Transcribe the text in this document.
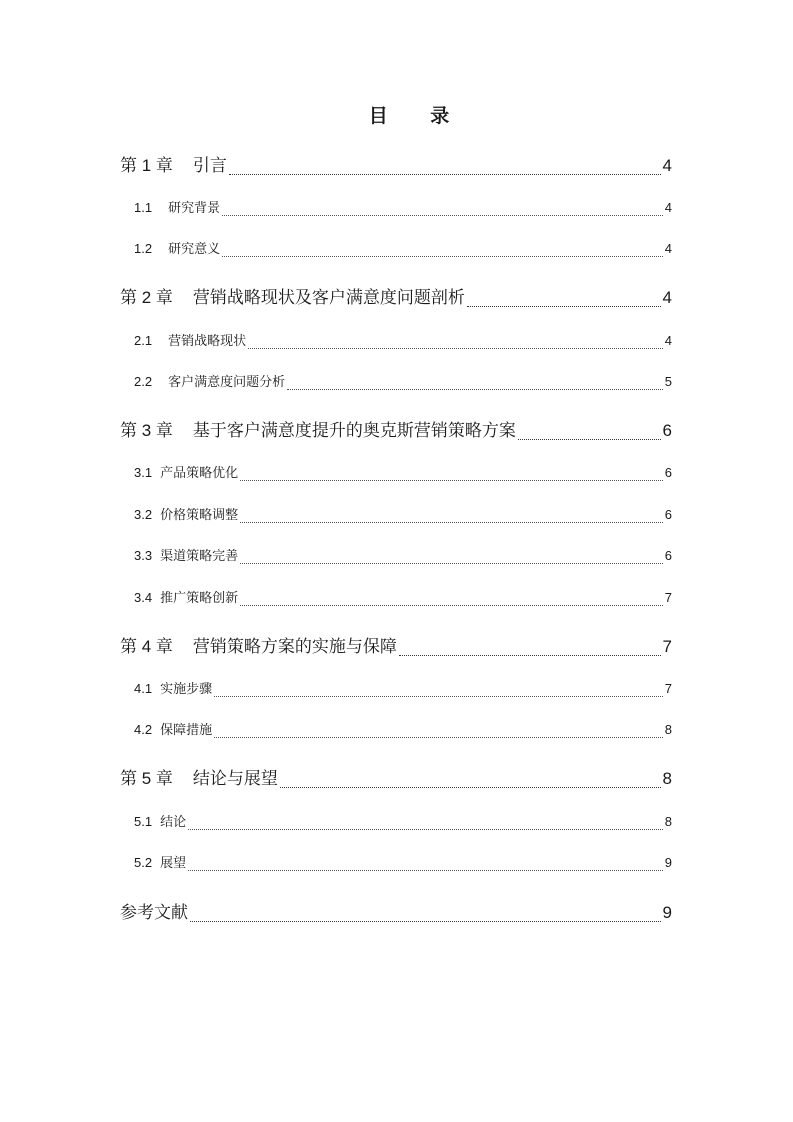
目 录
第 1 章 引言	4
1.1 研究背景	4
1.2 研究意义	4
第 2 章 营销战略现状及客户满意度问题剖析	4
2.1 营销战略现状	4
2.2 客户满意度问题分析	5
第 3 章 基于客户满意度提升的奥克斯营销策略方案	6
3.1 产品策略优化	6
3.2 价格策略调整	6
3.3 渠道策略完善	6
3.4 推广策略创新	7
第 4 章 营销策略方案的实施与保障	7
4.1 实施步骤	7
4.2 保障措施	8
第 5 章 结论与展望	8
5.1 结论	8
5.2 展望	9
参考文献	9
